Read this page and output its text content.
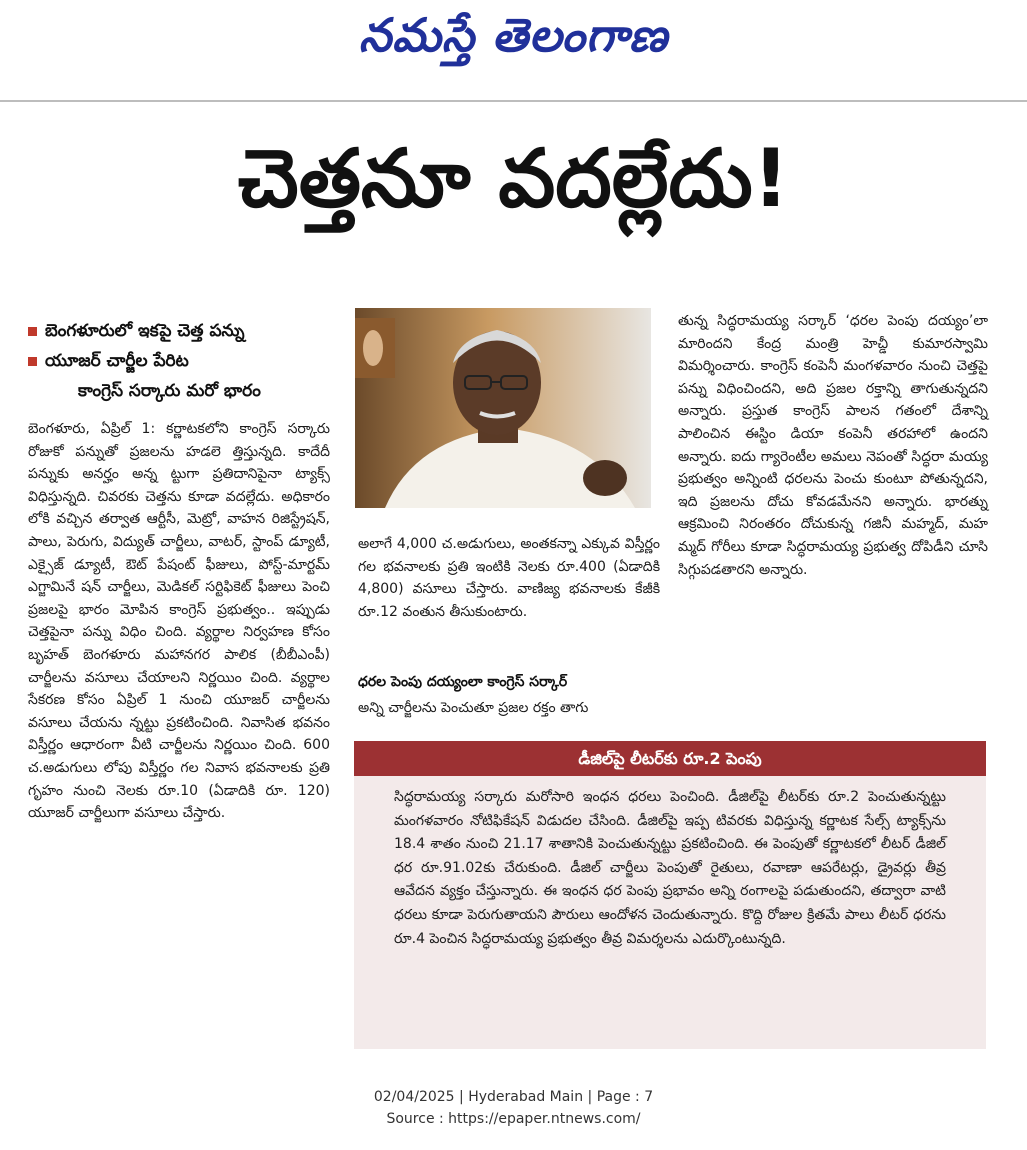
నమస్తే తెలంగాణ
చెత్తనూ వదల్లేదు!
బెంగళూరులో ఇకపై చెత్త పన్ను
యూజర్ చార్జీల పేరిట
కాంగ్రెస్ సర్కారు మరో భారం

బెంగళూరు, ఏప్రిల్ 1: కర్ణాటకలోని కాంగ్రెస్ సర్కారు రోజుకో పన్నుతో ప్రజలను హడలె త్తిస్తున్నది. కాదేదీ పన్నుకు అనర్హం అన్న ట్టుగా ప్రతిదానిపైనా ట్యాక్స్ విధిస్తున్నది. చివరకు చెత్తను కూడా వదల్లేదు. అధికారం లోకి వచ్చిన తర్వాత ఆర్టీసీ, మెట్రో, వాహన రిజిస్ట్రేషన్, పాలు, పెరుగు, విద్యుత్ చార్జీలు, వాటర్, స్టాంప్ డ్యూటీ, ఎక్సైజ్ డ్యూటీ, ఔట్ పేషంట్ ఫీజులు, పోస్ట్-మార్టమ్ ఎగ్జామినే షన్ చార్జీలు, మెడికల్ సర్టిఫికెట్ ఫీజులు పెంచి ప్రజలపై భారం మోపిన కాంగ్రెస్ ప్రభుత్వం.. ఇప్పుడు చెత్తపైనా పన్ను విధిం చింది. వ్యర్థాల నిర్వహణ కోసం బృహత్ బెంగళూరు మహానగర పాలిక (బీబీఎంపీ) చార్జీలను వసూలు చేయాలని నిర్ణయిం చింది. వ్యర్థాల సేకరణ కోసం ఏప్రిల్ 1 నుంచి యూజర్ చార్జీలను వసూలు చేయను న్నట్టు ప్రకటించింది. నివాసిత భవనం విస్తీర్ణం ఆధారంగా వీటి చార్జీలను నిర్ణయిం చింది. 600 చ.అడుగులు లోపు విస్తీర్ణం గల నివాస భవనాలకు ప్రతి గృహం నుంచి నెలకు రూ.10 (ఏడాదికి రూ. 120) యూజర్ చార్జీలుగా వసూలు చేస్తారు.

అలాగే 4,000 చ.అడుగులు, అంతకన్నా ఎక్కువ విస్తీర్ణం గల భవనాలకు ప్రతి ఇంటికి నెలకు రూ.400 (ఏడాదికి 4,800) వసూలు చేస్తారు. వాణిజ్య భవనాలకు కేజీకి రూ.12 వంతున తీసుకుంటారు.

ధరల పెంపు దయ్యంలా కాంగ్రెస్ సర్కార్

అన్ని చార్జీలను పెంచుతూ ప్రజల రక్తం తాగు

తున్న సిద్ధరామయ్య సర్కార్ ‘ధరల పెంపు దయ్యం’లా మారిందని కేంద్ర మంత్రి హెచ్డీ కుమారస్వామి విమర్శించారు. కాంగ్రెస్ కంపెనీ మంగళవారం నుంచి చెత్తపై పన్ను విధించిందని, అది ప్రజల రక్తాన్ని తాగుతున్నదని అన్నారు. ప్రస్తుత కాంగ్రెస్ పాలన గతంలో దేశాన్ని పాలించిన ఈస్టిం డియా కంపెనీ తరహాలో ఉందని అన్నారు. ఐదు గ్యారెంటీల అమలు నెపంతో సిద్ధరా మయ్య ప్రభుత్వం అన్నింటి ధరలను పెంచు కుంటూ పోతున్నదని, ఇది ప్రజలను దోచు కోవడమేనని అన్నారు. భారత్ను ఆక్రమించి నిరంతరం దోచుకున్న గజినీ మహ్మద్, మహ మ్మద్ గోరీలు కూడా సిద్ధరామయ్య ప్రభుత్వ దోపిడీని చూసి సిగ్గుపడతారని అన్నారు.

డీజిల్‌పై లీటర్‌కు రూ.2 పెంపు
సిద్ధరామయ్య సర్కారు మరోసారి ఇంధన ధరలు పెంచింది. డీజిల్‌పై లీటర్‌కు రూ.2 పెంచుతున్నట్టు మంగళవారం నోటిఫికేషన్ విడుదల చేసింది. డీజిల్‌పై ఇప్ప టివరకు విధిస్తున్న కర్ణాటక సేల్స్ ట్యాక్స్‌ను 18.4 శాతం నుంచి 21.17 శాతానికి పెంచుతున్నట్టు ప్రకటించింది. ఈ పెంపుతో కర్ణాటకలో లీటర్ డీజిల్ ధర రూ.91.02కు చేరుకుంది. డీజిల్ చార్జీలు పెంపుతో రైతులు, రవాణా ఆపరేటర్లు, డ్రైవర్లు తీవ్ర ఆవేదన వ్యక్తం చేస్తున్నారు. ఈ ఇంధన ధర పెంపు ప్రభావం అన్ని రంగాలపై పడుతుందని, తద్వారా వాటి ధరలు కూడా పెరుగుతాయని పౌరులు ఆందోళన చెందుతున్నారు. కొద్ది రోజుల క్రితమే పాలు లీటర్ ధరను రూ.4 పెంచిన సిద్ధరామయ్య ప్రభుత్వం తీవ్ర విమర్శలను ఎదుర్కొంటున్నది.
02/04/2025 | Hyderabad Main | Page : 7
Source : https://epaper.ntnews.com/
